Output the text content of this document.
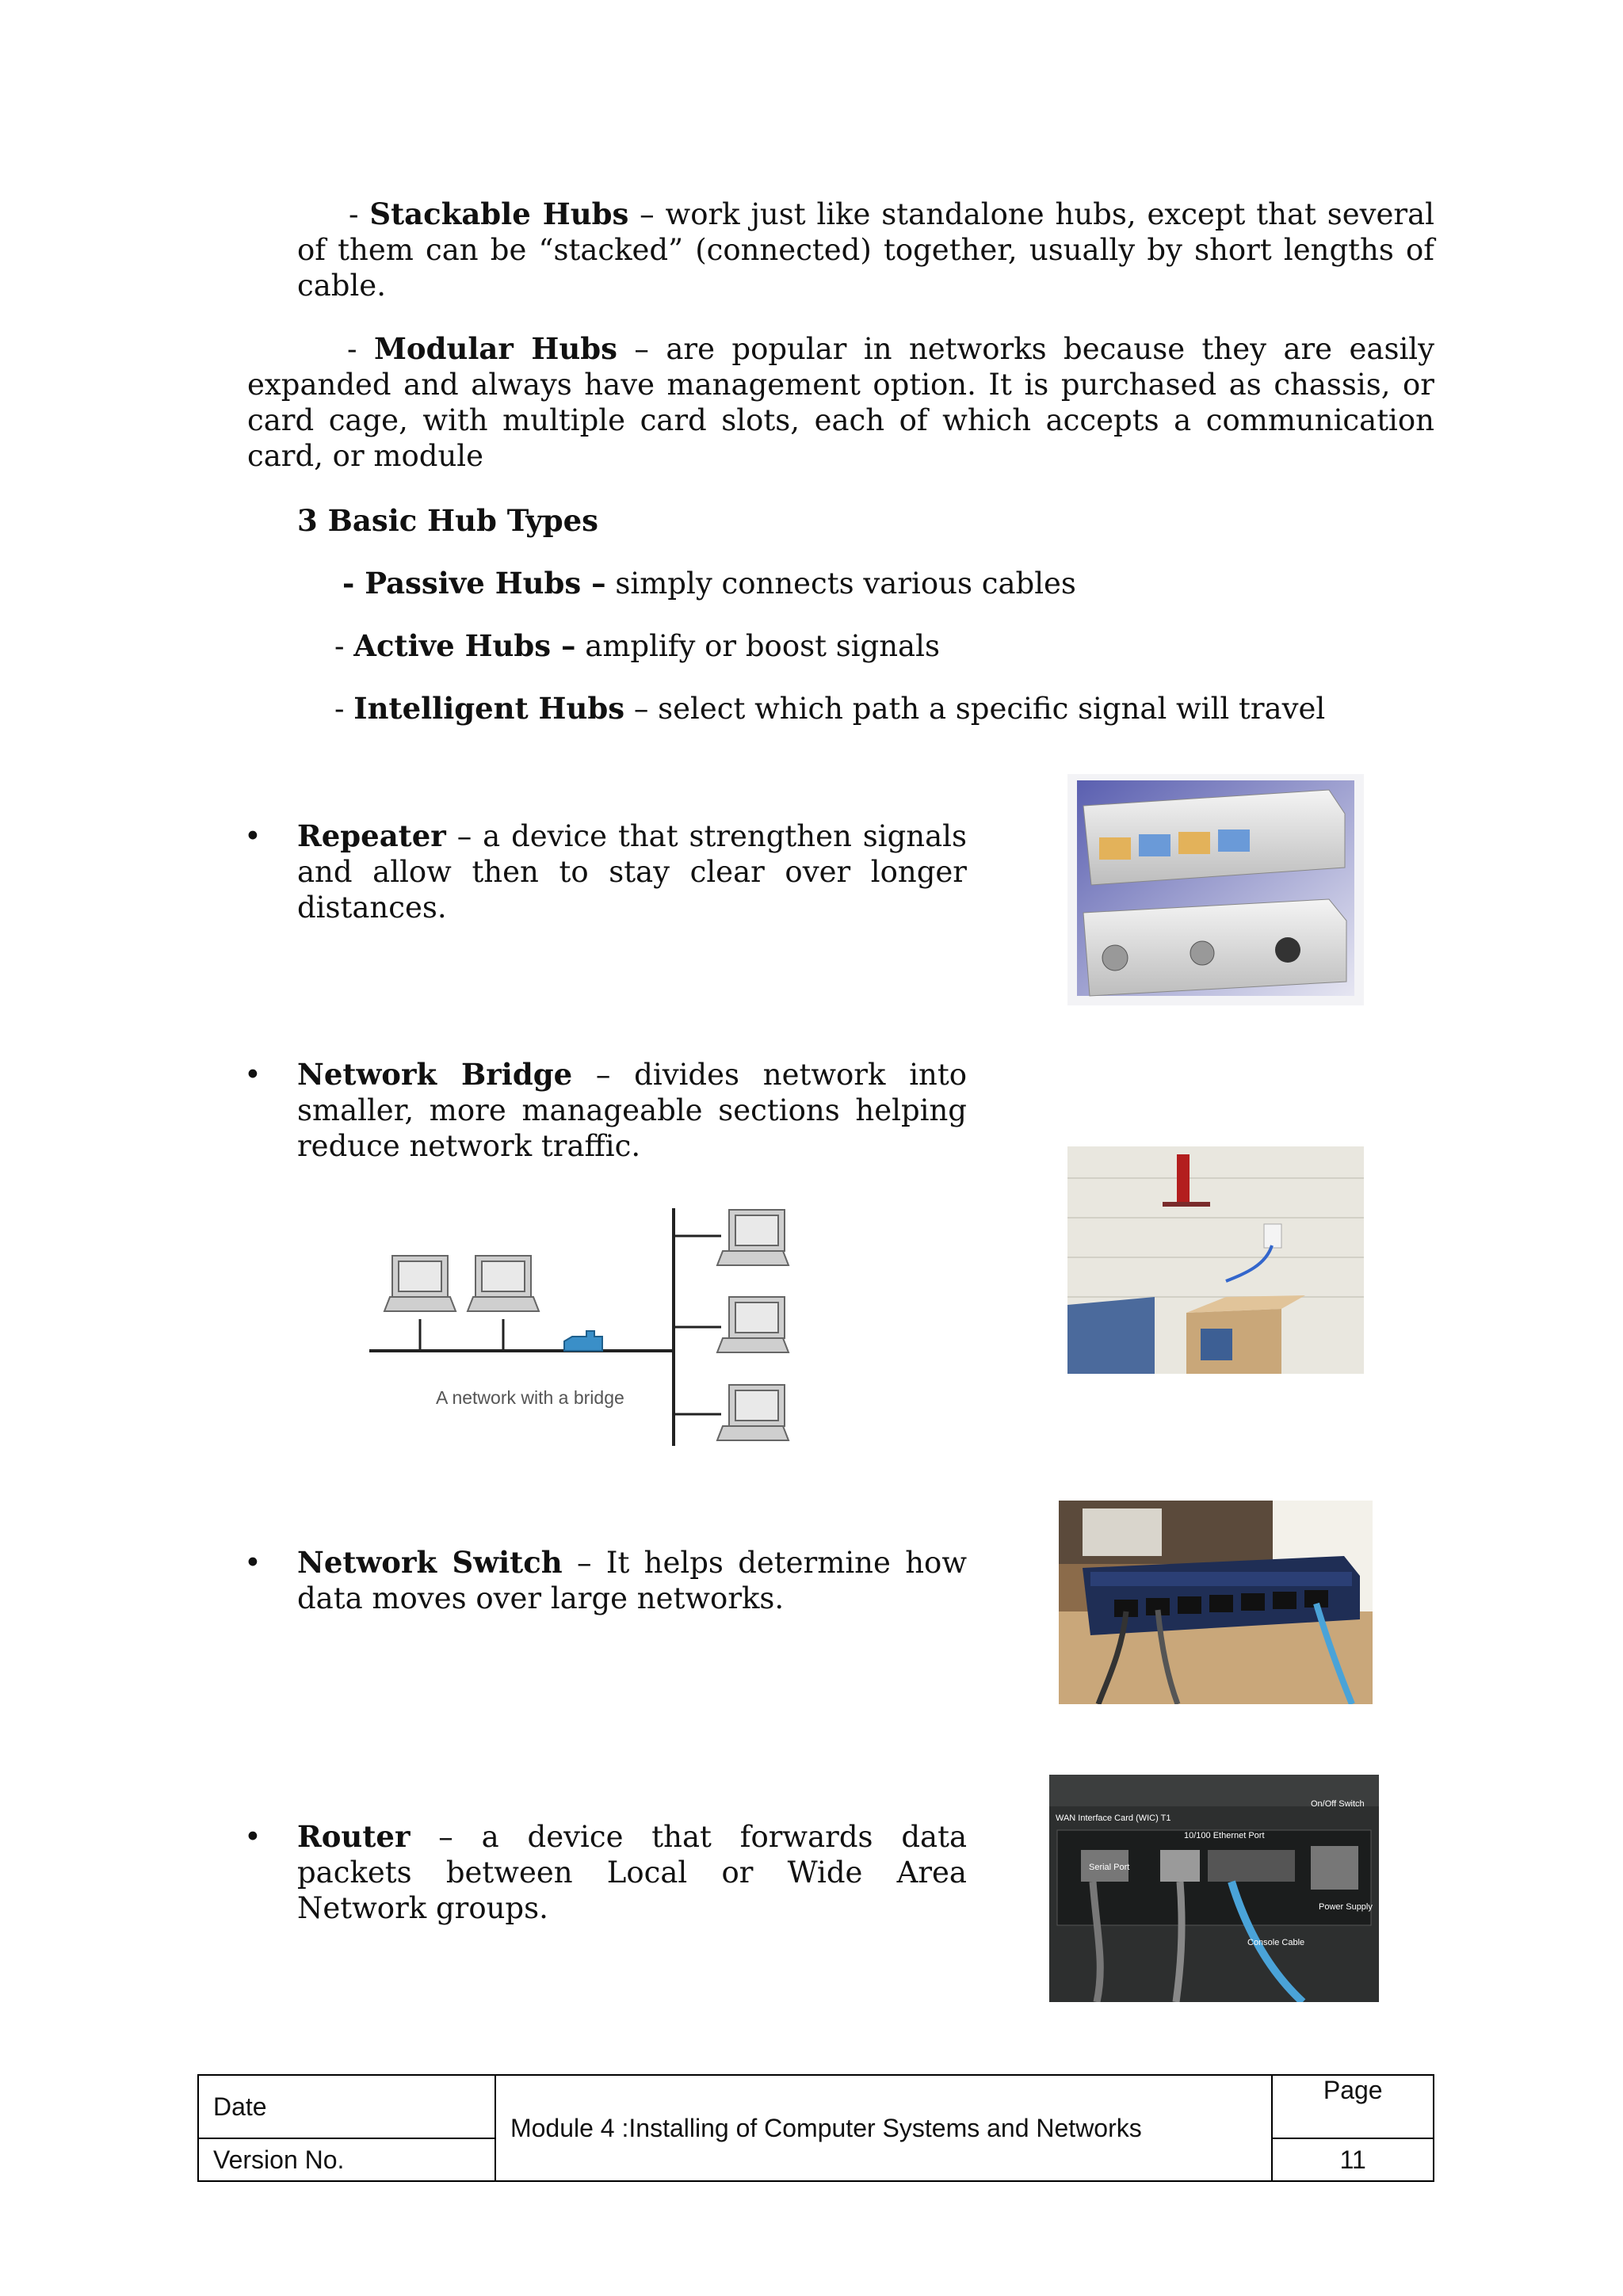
- Stackable Hubs – work just like standalone hubs, except that several of them can be “stacked” (connected) together, usually by short lengths of cable.
- Modular Hubs – are popular in networks because they are easily expanded and always have management option. It is purchased as chassis, or card cage, with multiple card slots, each of which accepts a communication card, or module
3 Basic Hub Types
- Passive Hubs – simply connects various cables
- Active Hubs – amplify or boost signals
- Intelligent Hubs – select which path a specific signal will travel
• Repeater – a device that strengthen signals and allow then to stay clear over longer distances.
• Network Bridge – divides network into smaller, more manageable sections helping reduce network traffic.
A network with a bridge
• Network Switch – It helps determine how data moves over large networks.
• Router – a device that forwards data packets between Local or Wide Area Network groups.
WAN Interface Card (WIC) T1
10/100 Ethernet Port
Serial Port
Console Cable
On/Off Switch
Power Supply
Date	Module 4 :Installing of Computer Systems and Networks	Page
Version No.		11
